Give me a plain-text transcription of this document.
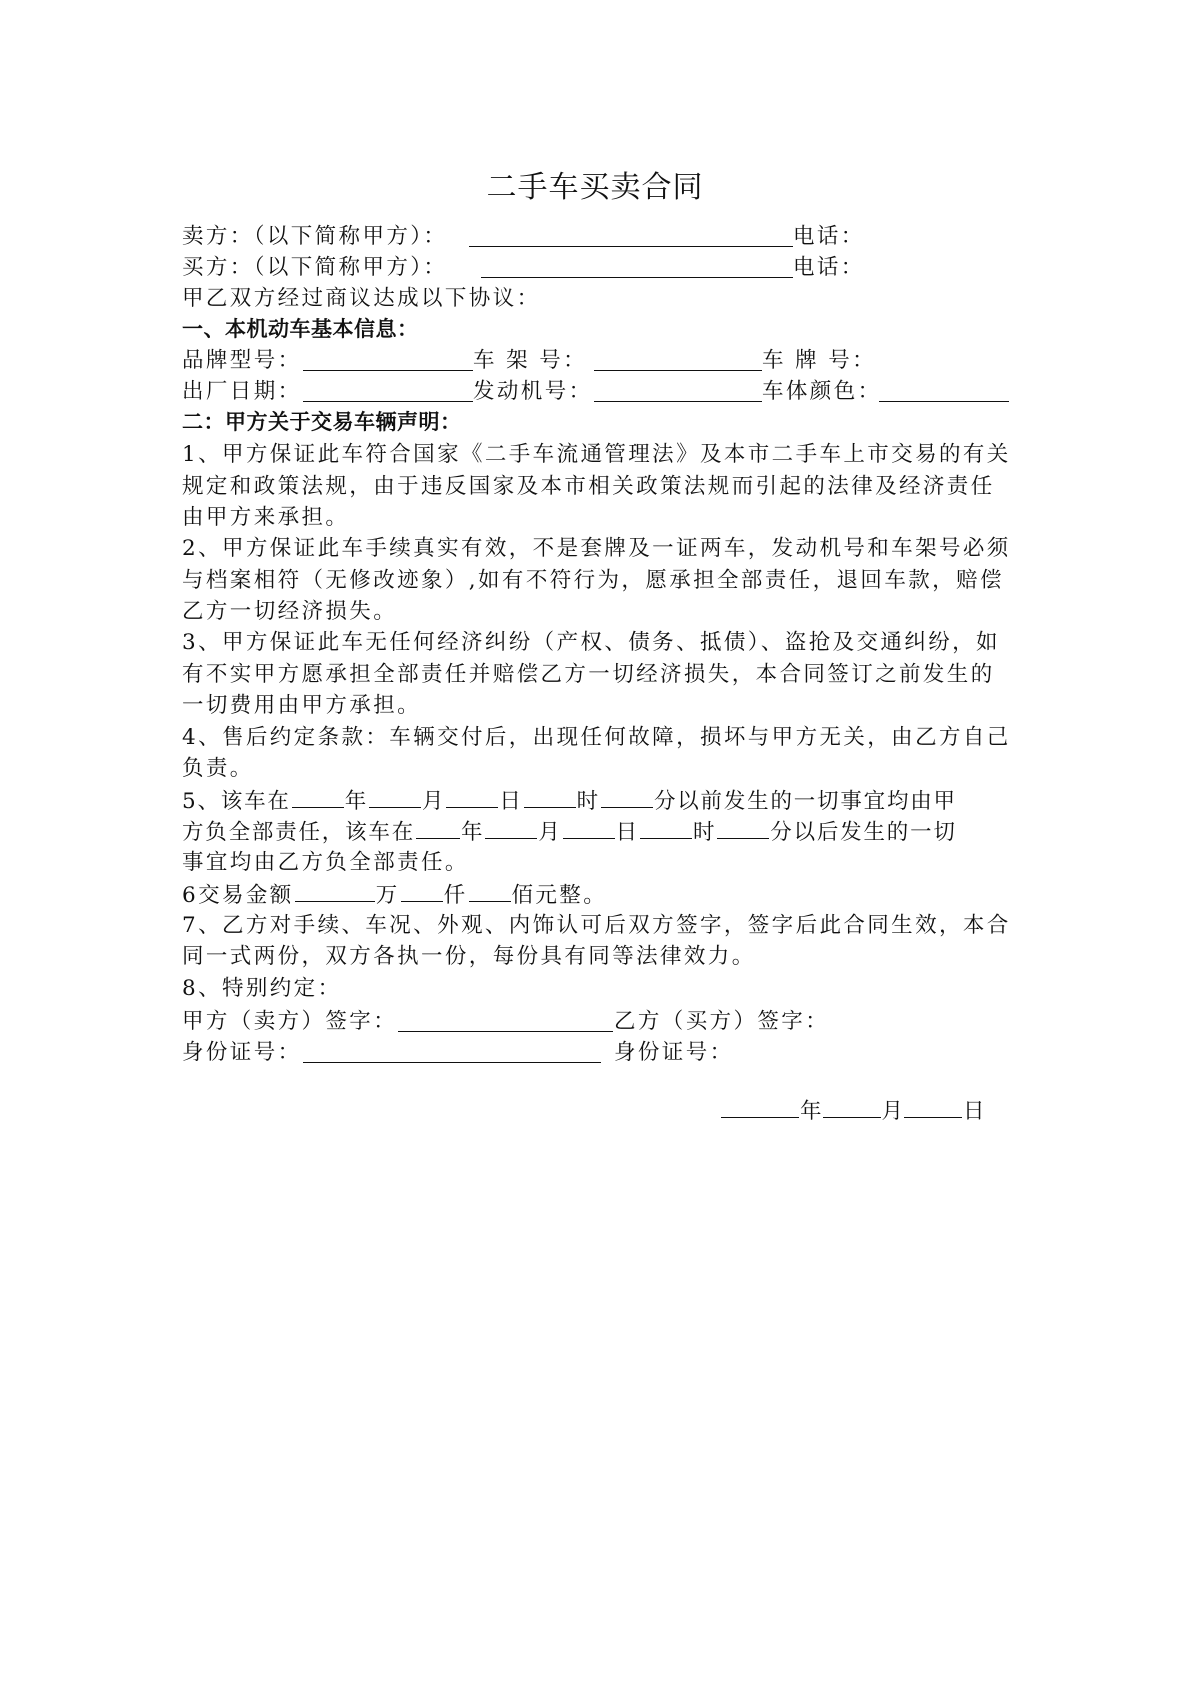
二手车买卖合同
卖方：（以下简称甲方）：	电话：
买方：（以下简称甲方）：	电话：
甲乙双方经过商议达成以下协议：
一、本机动车基本信息：
品牌型号：	车 架 号：	车 牌 号：
出厂日期：	发动机号：	车体颜色：
二：甲方关于交易车辆声明：
1、甲方保证此车符合国家《二手车流通管理法》及本市二手车上市交易的有关
规定和政策法规，由于违反国家及本市相关政策法规而引起的法律及经济责任
由甲方来承担。
2、甲方保证此车手续真实有效，不是套牌及一证两车，发动机号和车架号必须
与档案相符（无修改迹象）,如有不符行为，愿承担全部责任，退回车款，赔偿
乙方一切经济损失。
3、甲方保证此车无任何经济纠纷（产权、债务、抵债）、盗抢及交通纠纷，如
有不实甲方愿承担全部责任并赔偿乙方一切经济损失，本合同签订之前发生的
一切费用由甲方承担。
4、售后约定条款：车辆交付后，出现任何故障，损坏与甲方无关，由乙方自己
负责。
5、该车在	年	月	日	时	分以前发生的一切事宜均由甲
方负全部责任，该车在 年	月	日	时	分以后发生的一切
事宜均由乙方负全部责任。
6交易金额	万 仟 佰元整。
7、乙方对手续、车况、外观、内饰认可后双方签字，签字后此合同生效，本合
同一式两份，双方各执一份，每份具有同等法律效力。
8、特别约定：
甲方（卖方）签字：	乙方（买方）签字：
身份证号：	身份证号：
年	月	日
